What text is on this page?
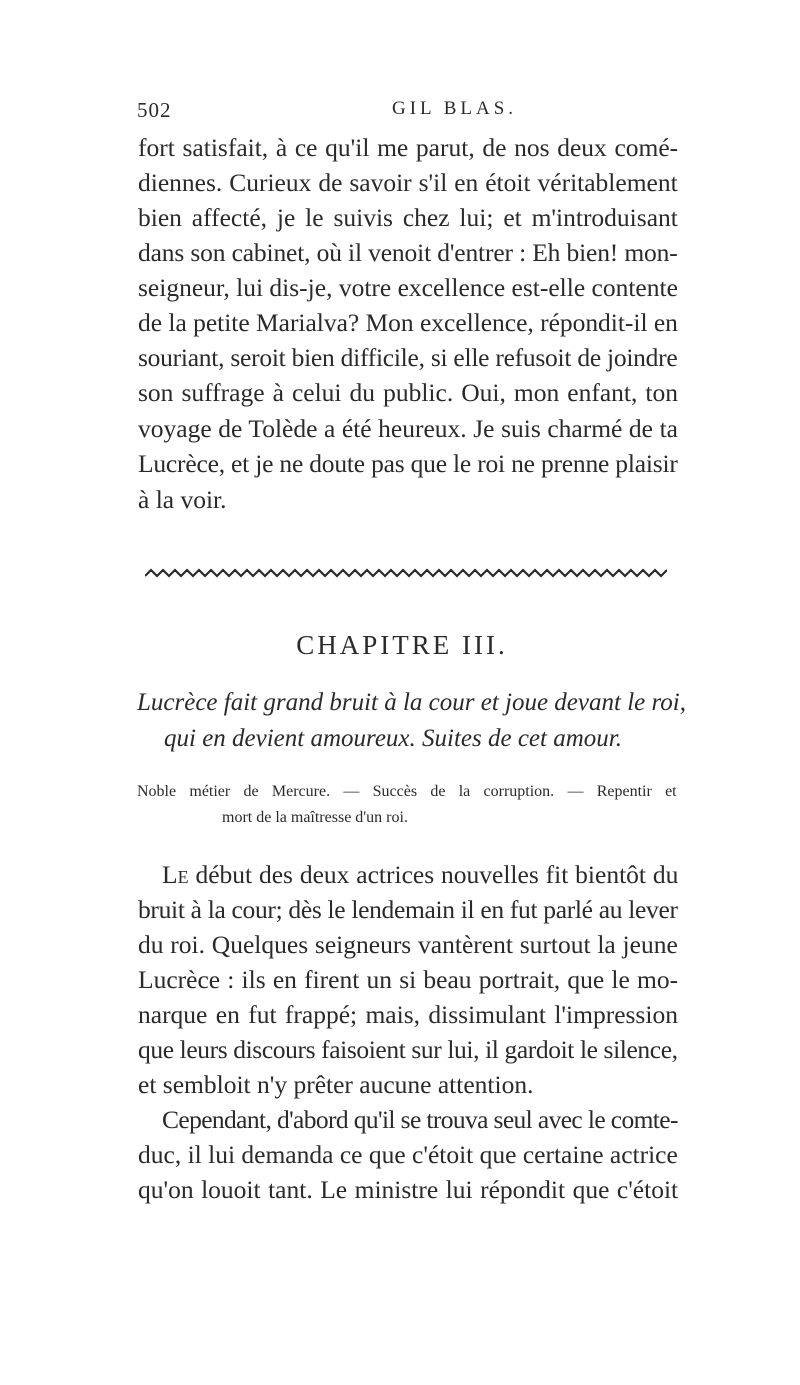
502	GIL BLAS.
fort satisfait, à ce qu'il me parut, de nos deux comé-
diennes. Curieux de savoir s'il en étoit véritablement
bien affecté, je le suivis chez lui; et m'introduisant
dans son cabinet, où il venoit d'entrer : Eh bien! mon-
seigneur, lui dis-je, votre excellence est-elle contente
de la petite Marialva? Mon excellence, répondit-il en
souriant, seroit bien difficile, si elle refusoit de joindre
son suffrage à celui du public. Oui, mon enfant, ton
voyage de Tolède a été heureux. Je suis charmé de ta
Lucrèce, et je ne doute pas que le roi ne prenne plaisir
à la voir.
CHAPITRE III.
Lucrèce fait grand bruit à la cour et joue devant le roi,
qui en devient amoureux. Suites de cet amour.
Noble métier de Mercure. — Succès de la corruption. — Repentir et
mort de la maîtresse d'un roi.
Le début des deux actrices nouvelles fit bientôt du
bruit à la cour; dès le lendemain il en fut parlé au lever
du roi. Quelques seigneurs vantèrent surtout la jeune
Lucrèce : ils en firent un si beau portrait, que le mo-
narque en fut frappé; mais, dissimulant l'impression
que leurs discours faisoient sur lui, il gardoit le silence,
et sembloit n'y prêter aucune attention.
Cependant, d'abord qu'il se trouva seul avec le comte-
duc, il lui demanda ce que c'étoit que certaine actrice
qu'on louoit tant. Le ministre lui répondit que c'étoit
